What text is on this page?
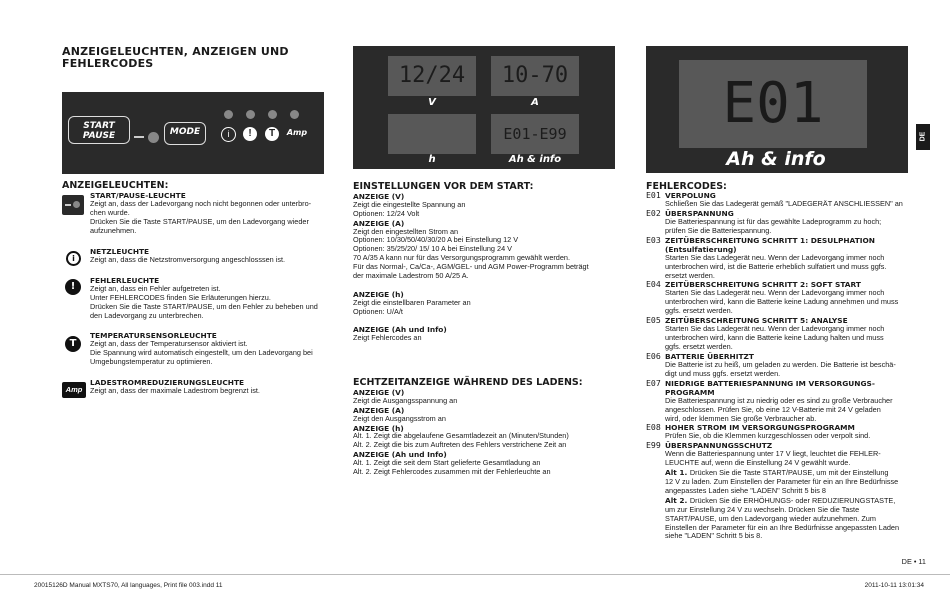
ANZEIGELEUCHTEN, ANZEIGEN UND
FEHLERCODES
START
PAUSE	MODE	i	!	T	Amp
ANZEIGELEUCHTEN:
START/PAUSE-LEUCHTE
Zeigt an, dass der Ladevorgang noch nicht begonnen oder unterbro-
chen wurde.
Drücken Sie die Taste START/PAUSE, um den Ladevorgang wieder
aufzunehmen.
i
NETZLEUCHTE
Zeigt an, dass die Netzstromversorgung angeschlosssen ist.
!
FEHLERLEUCHTE
Zeigt an, dass ein Fehler aufgetreten ist.
Unter FEHLERCODES finden Sie Erläuterungen hierzu.
Drücken Sie die Taste START/PAUSE, um den Fehler zu beheben und
den Ladevorgang zu unterbrechen.
T
TEMPERATURSENSORLEUCHTE
Zeigt an, dass der Temperatursensor aktiviert ist.
Die Spannung wird automatisch eingestellt, um den Ladevorgang bei
Umgebungstemperatur zu optimieren.
Amp
LADESTROMREDUZIERUNGSLEUCHTE
Zeigt an, dass der maximale Ladestrom begrenzt ist.
12/24	10-70
V	A
E01-E99
h	Ah & info
EINSTELLUNGEN VOR DEM START:
ANZEIGE (V)
Zeigt die eingestellte Spannung an
Optionen: 12/24 Volt
ANZEIGE (A)
Zeigt den eingestellten Strom an
Optionen: 10/30/50/40/30/20 A bei Einstellung 12 V
Optionen: 35/25/20/ 15/ 10 A bei Einstellung 24 V
70 A/35 A kann nur für das Versorgungsprogramm gewählt werden.
Für das Normal-, Ca/Ca-, AGM/GEL- und AGM Power-Programm beträgt
der maximale Ladestrom 50 A/25 A.
ANZEIGE (h)
Zeigt die einstellbaren Parameter an
Optionen: U/A/t
ANZEIGE (Ah und Info)
Zeigt Fehlercodes an
ECHTZEITANZEIGE WÄHREND DES LADENS:
ANZEIGE (V)
Zeigt die Ausgangsspannung an
ANZEIGE (A)
Zeigt den Ausgangsstrom an
ANZEIGE (h)
Alt. 1. Zeigt die abgelaufene Gesamtladezeit an (Minuten/Stunden)
Alt. 2. Zeigt die bis zum Auftreten des Fehlers verstrichene Zeit an
ANZEIGE (Ah und Info)
Alt. 1. Zeigt die seit dem Start gelieferte Gesamtladung an
Alt. 2. Zeigt Fehlercodes zusammen mit der Fehlerleuchte an
E01
Ah & info
DE
FEHLERCODES:
E01 VERPOLUNG
Schließen Sie das Ladegerät gemäß "LADEGERÄT ANSCHLIESSEN" an
E02 ÜBERSPANNUNG
Die Batteriespannung ist für das gewählte Ladeprogramm zu hoch;
prüfen Sie die Batteriespannung.
E03 ZEITÜBERSCHREITUNG SCHRITT 1: DESULPHATION
(Entsulfatierung)
Starten Sie das Ladegerät neu. Wenn der Ladevorgang immer noch
unterbrochen wird, ist die Batterie erheblich sulfatiert und muss ggfs.
ersetzt werden.
E04 ZEITÜBERSCHREITUNG SCHRITT 2: SOFT START
Starten Sie das Ladegerät neu. Wenn der Ladevorgang immer noch
unterbrochen wird, kann die Batterie keine Ladung annehmen und muss
ggfs. ersetzt werden.
E05 ZEITÜBERSCHREITUNG SCHRITT 5: ANALYSE
Starten Sie das Ladegerät neu. Wenn der Ladevorgang immer noch
unterbrochen wird, kann die Batterie keine Ladung halten und muss
ggfs. ersetzt werden.
E06 BATTERIE ÜBERHITZT
Die Batterie ist zu heiß, um geladen zu werden. Die Batterie ist beschä-
digt und muss ggfs. ersetzt werden.
E07 NIEDRIGE BATTERIESPANNUNG IM VERSORGUNGS-
PROGRAMM
Die Batteriespannung ist zu niedrig oder es sind zu große Verbraucher
angeschlossen. Prüfen Sie, ob eine 12 V-Batterie mit 24 V geladen
wird, oder klemmen Sie große Verbraucher ab.
E08 HOHER STROM IM VERSORGUNGSPROGRAMM
Prüfen Sie, ob die Klemmen kurzgeschlossen oder verpolt sind.
E99 ÜBERSPANNUNGSSCHUTZ
Wenn die Batteriespannung unter 17 V liegt, leuchtet die FEHLER-
LEUCHTE auf, wenn die Einstellung 24 V gewählt wurde.
Alt 1. Drücken Sie die Taste START/PAUSE, um mit der Einstellung
12 V zu laden. Zum Einstellen der Parameter für ein an Ihre Bedürfnisse
angepasstes Laden siehe "LADEN" Schritt 5 bis 8
Alt 2. Drücken Sie die ERHÖHUNGS- oder REDUZIERUNGSTASTE,
um zur Einstellung 24 V zu wechseln. Drücken Sie die Taste
START/PAUSE, um den Ladevorgang wieder aufzunehmen. Zum
Einstellen der Parameter für ein an Ihre Bedürfnisse angepassten Laden
siehe "LADEN" Schritt 5 bis 8.
DE • 11
20015126D Manual MXTS70, All languages, Print file 003.indd 11	2011-10-11 13:01:34
